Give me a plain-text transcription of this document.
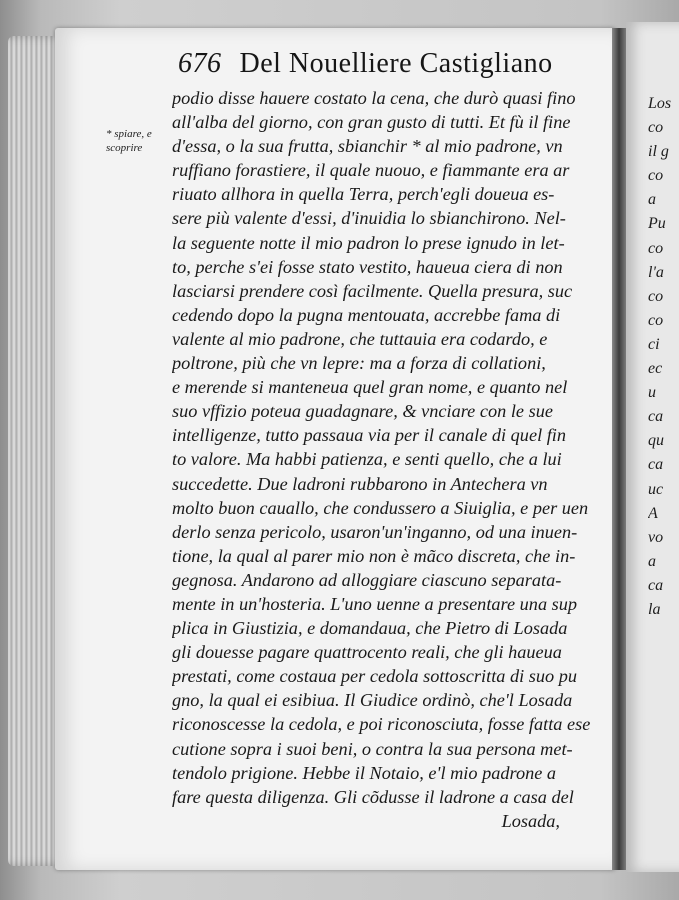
676 Del Nouelliere Castigliano
* spiare, e
scoprire
podio disse hauere costato la cena, che durò quasi fino
all'alba del giorno, con gran gusto di tutti. Et fù il fine
d'essa, o la sua frutta, sbianchir * al mio padrone, vn
ruffiano forastiere, il quale nuouo, e fiammante era ar
riuato allhora in quella Terra, perch'egli doueua es-
sere più valente d'essi, d'inuidia lo sbianchirono. Nel-
la seguente notte il mio padron lo prese ignudo in let-
to, perche s'ei fosse stato vestito, haueua ciera di non
lasciarsi prendere così facilmente. Quella presura, suc
cedendo dopo la pugna mentouata, accrebbe fama di
valente al mio padrone, che tuttauia era codardo, e
poltrone, più che vn lepre: ma a forza di collationi,
e merende si manteneua quel gran nome, e quanto nel
suo vffizio poteua guadagnare, & vnciare con le sue
intelligenze, tutto passaua via per il canale di quel fin
to valore. Ma habbi patienza, e senti quello, che a lui
succedette. Due ladroni rubbarono in Antechera vn
molto buon cauallo, che condussero a Siuiglia, e per uen
derlo senza pericolo, usaron'un'inganno, od una inuen-
tione, la qual al parer mio non è mãco discreta, che in-
gegnosa. Andarono ad alloggiare ciascuno separata-
mente in un'hosteria. L'uno uenne a presentare una sup
plica in Giustizia, e domandaua, che Pietro di Losada
gli douesse pagare quattrocento reali, che gli haueua
prestati, come costaua per cedola sottoscritta di suo pu
gno, la qual ei esibiua. Il Giudice ordinò, che'l Losada
riconoscesse la cedola, e poi riconosciuta, fosse fatta ese
cutione sopra i suoi beni, o contra la sua persona met-
tendolo prigione. Hebbe il Notaio, e'l mio padrone a
fare questa diligenza. Gli cõdusse il ladrone a casa del
Losada,
Los
co
il g
co
a
Pu
co
l'a
co
co
ci
ec
u
ca
qu
ca
uc
A
vo
a
ca
la
